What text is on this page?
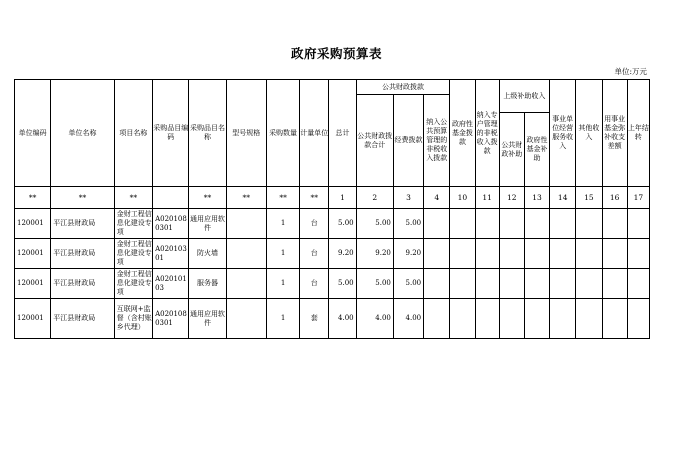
政府采购预算表
单位:万元
单位编码	单位名称	项目名称	采购品目编码	采购品目名称	型号规格	采购数量	计量单位	总计	公共财政拨款			政府性基金拨款	纳入专户管理的非税收入拨款	上级补助收入		事业单位经营服务收入	其他收入	用事业基金弥补收支差额	上年结转
									公共财政拨款合计	经费拨款	纳入公共预算管理的非税收入拨款								
														公共财政补助	政府性基金补助				
**	**	**		**	**	**	**	1	2	3	4	10	11	12	13	14	15	16	17
120001	平江县财政局	金财工程信息化建设专项	A0201080301	通用应用软件		1	台	5.00	5.00	5.00									
120001	平江县财政局	金财工程信息化建设专项	A02010301	防火墙		1	台	9.20	9.20	9.20									
120001	平江县财政局	金财工程信息化建设专项	A02010103	服务器		1	台	5.00	5.00	5.00									
120001	平江县财政局	互联网+监督（含村账乡代理）	A0201080301	通用应用软件		1	套	4.00	4.00	4.00									
